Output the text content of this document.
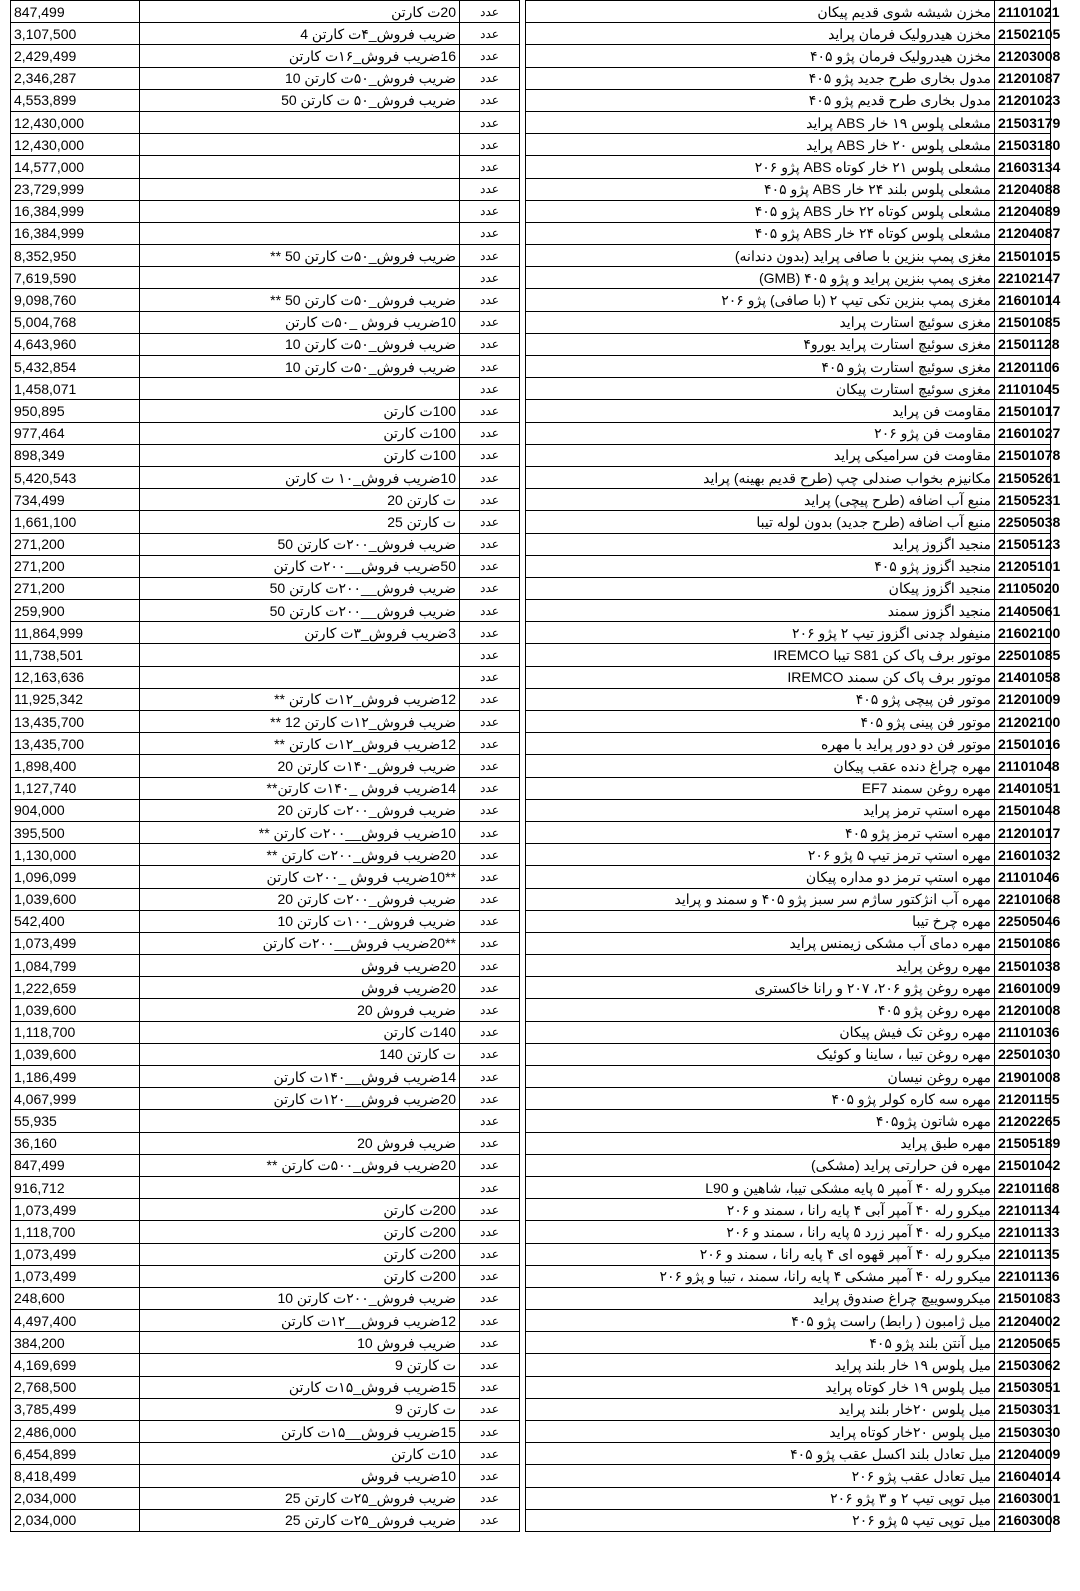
847,499	20ت کارتن	عدد		مخزن شیشه شوی قدیم پیکان	21101021
3,107,500	ضریب فروش_۴ت کارتن 4	عدد		مخزن هیدرولیک فرمان پراید	21502105
2,429,499	16ضریب فروش_۱۶ت کارتن	عدد		مخزن هیدرولیک فرمان پژو ۴۰۵	21203008
2,346,287	ضریب فروش_۵۰ت کارتن 10	عدد		مدول بخاری طرح جدید پژو ۴۰۵	21201087
4,553,899	ضریب فروش_۵۰ ت کارتن 50	عدد		مدول بخاری طرح قدیم پژو ۴۰۵	21201023
12,430,000		عدد		مشعلی پلوس ۱۹ خار ABS پراید	21503179
12,430,000		عدد		مشعلی پلوس ۲۰ خار ABS پراید	21503180
14,577,000		عدد		مشعلی پلوس ۲۱ خار کوتاه ABS پژو ۲۰۶	21603134
23,729,999		عدد		مشعلی پلوس بلند ۲۴ خار ABS پژو ۴۰۵	21204088
16,384,999		عدد		مشعلی پلوس کوتاه ۲۲ خار ABS پژو ۴۰۵	21204089
16,384,999		عدد		مشعلی پلوس کوتاه ۲۴ خار ABS پژو ۴۰۵	21204087
8,352,950	ضریب فروش_۵۰ت کارتن 50 **	عدد		مغزی پمپ بنزین با صافی پراید (بدون دندانه)	21501015
7,619,590		عدد		مغزی پمپ بنزین پراید و پژو ۴۰۵ (GMB)	22102147
9,098,760	ضریب فروش_۵۰ت کارتن 50 **	عدد		مغزی پمپ بنزین تکی تیپ ۲ (با صافی) پژو ۲۰۶	21601014
5,004,768	10ضریب فروش _۵۰ت کارتن	عدد		مغزی سوئیچ استارت پراید	21501085
4,643,960	ضریب فروش_۵۰ت کارتن 10	عدد		مغزی سوئیچ استارت پراید یورو۴	21501128
5,432,854	ضریب فروش_۵۰ت کارتن 10	عدد		مغزی سوئیچ استارت پژو ۴۰۵	21201106
1,458,071		عدد		مغزی سوئیچ استارت پیکان	21101045
950,895	100ت کارتن	عدد		مقاومت فن پراید	21501017
977,464	100ت کارتن	عدد		مقاومت فن پژو ۲۰۶	21601027
898,349	100ت کارتن	عدد		مقاومت فن سرامیکی پراید	21501078
5,420,543	10ضریب فروش_۱۰ ت کارتن	عدد		مکانیزم بخواب صندلی چپ (طرح قدیم بهینه) پراید	21505261
734,499	ت کارتن 20	عدد		منبع آب اضافه (طرح پیچی) پراید	21505231
1,661,100	ت کارتن 25	عدد		منبع آب اضافه (طرح جدید) بدون لوله تیبا	22505038
271,200	ضریب فروش_۲۰۰ت کارتن 50	عدد		منجید اگزوز پراید	21505123
271,200	50ضریب فروش__۲۰۰ت کارتن	عدد		منجید اگزوز پژو ۴۰۵	21205101
271,200	ضریب فروش__۲۰۰ت کارتن 50	عدد		منجید اگزوز پیکان	21105020
259,900	ضریب فروش__۲۰۰ت کارتن 50	عدد		منجید اگزوز سمند	21405061
11,864,999	3ضریب فروش_۳ت کارتن	عدد		منیفولد چدنی اگزوز تیپ ۲ پژو ۲۰۶	21602100
11,738,501		عدد		موتور برف پاک کن S81 تیبا IREMCO	22501085
12,163,636		عدد		موتور برف پاک کن سمند IREMCO	21401058
11,925,342	12ضریب فروش_۱۲ت کارتن **	عدد		موتور فن پیچی پژو ۴۰۵	21201009
13,435,700	ضریب فروش_۱۲ت کارتن 12 **	عدد		موتور فن پینی پژو ۴۰۵	21202100
13,435,700	12ضریب فروش_۱۲ت کارتن **	عدد		موتور فن دو دور پراید با مهره	21501016
1,898,400	ضریب فروش_۱۴۰ت کارتن 20	عدد		مهره چراغ دنده عقب پیکان	21101048
1,127,740	14ضریب فروش _۱۴۰ت کارتن**	عدد		مهره روغن سمند EF7	21401051
904,000	ضریب فروش_۲۰۰ت کارتن 20	عدد		مهره استپ ترمز پراید	21501048
395,500	10ضریب فروش__۲۰۰ت کارتن **	عدد		مهره استپ ترمز پژو ۴۰۵	21201017
1,130,000	20ضریب فروش_۲۰۰ت کارتن **	عدد		مهره استپ ترمز تیپ ۵ پژو ۲۰۶	21601032
1,096,099	**10ضریب فروش _۲۰۰ت کارتن	عدد		مهره استپ ترمز دو مداره پیکان	21101046
1,039,600	ضریب فروش_۲۰۰ت کارتن 20	عدد		مهره آب انژکتور ساژم سر سبز پژو ۴۰۵ و سمند و پراید	22101068
542,400	ضریب فروش_۱۰۰ت کارتن 10	عدد		مهره چرخ تیبا	22505046
1,073,499	**20ضریب فروش__۲۰۰ت کارتن	عدد		مهره دمای آب مشکی زیمنس پراید	21501086
1,084,799	20ضریب فروش	عدد		مهره روغن پراید	21501038
1,222,659	20ضریب فروش	عدد		مهره روغن پژو ۲۰۶، ۲۰۷ و رانا خاکستری	21601009
1,039,600	ضریب فروش 20	عدد		مهره روغن پژو ۴۰۵	21201008
1,118,700	140ت کارتن	عدد		مهره روغن تک فیش پیکان	21101036
1,039,600	ت کارتن 140	عدد		مهره روغن تیبا ، ساینا و کوئیک	22501030
1,186,499	14ضریب فروش__۱۴۰ت کارتن	عدد		مهره روغن نیسان	21901008
4,067,999	20ضریب فروش__۱۲۰ت کارتن	عدد		مهره سه کاره کولر پژو ۴۰۵	21201155
55,935		عدد		مهره شاتون پژو۴۰۵	21202265
36,160	ضریب فروش 20	عدد		مهره طبق پراید	21505189
847,499	20ضریب فروش_۵۰۰ت کارتن **	عدد		مهره فن حرارتی پراید (مشکی)	21501042
916,712		عدد		میکرو رله ۴۰ آمپر ۵ پایه مشکی تیبا، شاهین و L90	22101168
1,073,499	200ت کارتن	عدد		میکرو رله ۴۰ آمپر آبی ۴ پایه رانا ، سمند و ۲۰۶	22101134
1,118,700	200ت کارتن	عدد		میکرو رله ۴۰ آمپر زرد ۵ پایه رانا ، سمند و ۲۰۶	22101133
1,073,499	200ت کارتن	عدد		میکرو رله ۴۰ آمپر قهوه ای ۴ پایه رانا ، سمند و ۲۰۶	22101135
1,073,499	200ت کارتن	عدد		میکرو رله ۴۰ آمپر مشکی ۴ پایه رانا، سمند ، تیبا و پژو ۲۰۶	22101136
248,600	ضریب فروش_۲۰۰ت کارتن 10	عدد		میکروسوییچ چراغ صندوق پراید	21501083
4,497,400	12ضریب فروش__۱۲ت کارتن	عدد		میل ژامبون ( رابط) راست پژو ۴۰۵	21204002
384,200	ضریب فروش 10	عدد		میل آنتن بلند پژو ۴۰۵	21205065
4,169,699	ت کارتن 9	عدد		میل پلوس ۱۹ خار بلند پراید	21503062
2,768,500	15ضریب فروش_۱۵ت کارتن	عدد		میل پلوس ۱۹ خار کوتاه پراید	21503051
3,785,499	ت کارتن 9	عدد		میل پلوس ۲۰خار بلند پراید	21503031
2,486,000	15ضریب فروش__۱۵ت کارتن	عدد		میل پلوس ۲۰خار کوتاه پراید	21503030
6,454,899	10ت کارتن	عدد		میل تعادل بلند اکسل عقب پژو ۴۰۵	21204009
8,418,499	10ضریب فروش	عدد		میل تعادل عقب پژو ۲۰۶	21604014
2,034,000	ضریب فروش_۲۵ت کارتن 25	عدد		میل توپی تیپ ۲ و ۳ پژو ۲۰۶	21603001
2,034,000	ضریب فروش_۲۵ت کارتن 25	عدد		میل توپی تیپ ۵ پژو ۲۰۶	21603008
